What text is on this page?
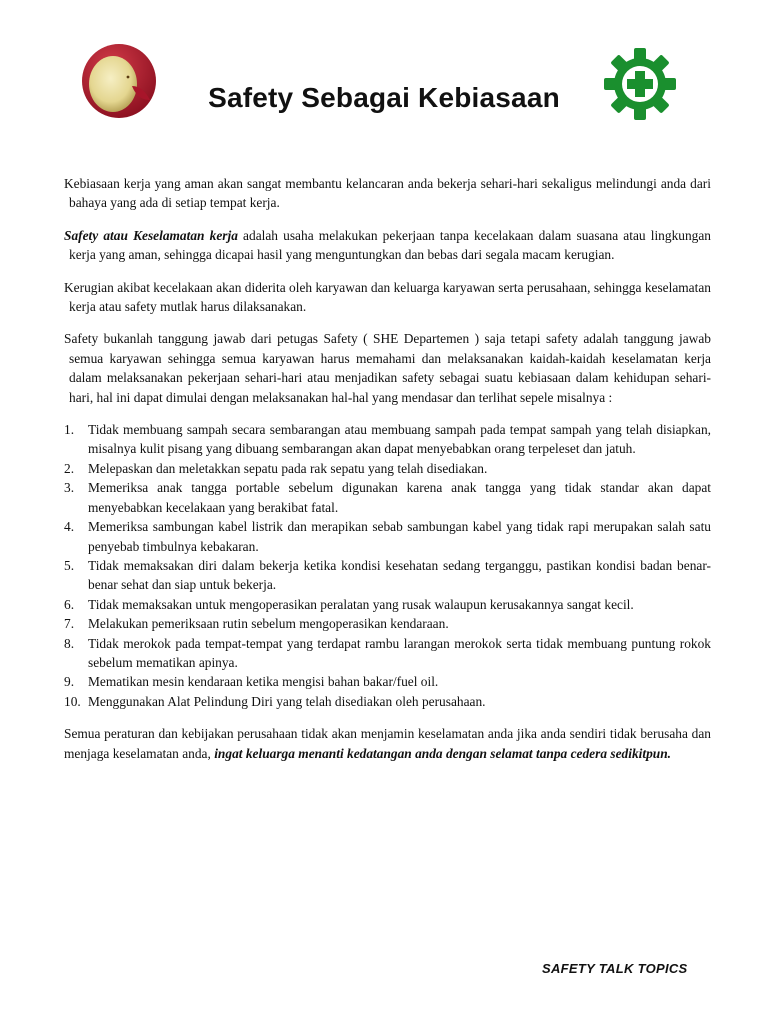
Safety Sebagai Kebiasaan

Kebiasaan kerja yang aman akan sangat membantu kelancaran anda bekerja sehari-hari sekaligus melindungi anda dari bahaya yang ada di setiap tempat kerja.

Safety atau Keselamatan kerja adalah usaha melakukan pekerjaan tanpa kecelakaan dalam suasana atau lingkungan kerja yang aman, sehingga dicapai hasil yang menguntungkan dan bebas dari segala macam kerugian.

Kerugian akibat kecelakaan akan diderita oleh karyawan dan keluarga karyawan serta perusahaan, sehingga keselamatan kerja atau safety mutlak harus dilaksanakan.

Safety bukanlah tanggung jawab dari petugas Safety ( SHE Departemen ) saja tetapi safety adalah tanggung jawab semua karyawan sehingga semua karyawan harus memahami dan melaksanakan kaidah-kaidah keselamatan kerja dalam melaksanakan pekerjaan sehari-hari atau menjadikan safety sebagai suatu kebiasaan dalam kehidupan sehari-hari, hal ini dapat dimulai dengan melaksanakan hal-hal yang mendasar dan terlihat sepele misalnya :

1. Tidak membuang sampah secara sembarangan atau membuang sampah pada tempat sampah yang telah disiapkan, misalnya kulit pisang yang dibuang sembarangan akan dapat menyebabkan orang terpeleset dan jatuh.
2. Melepaskan dan meletakkan sepatu pada rak sepatu yang telah disediakan.
3. Memeriksa anak tangga portable sebelum digunakan karena anak tangga yang tidak standar akan dapat menyebabkan kecelakaan yang berakibat fatal.
4. Memeriksa sambungan kabel listrik dan merapikan sebab sambungan kabel yang tidak rapi merupakan salah satu penyebab timbulnya kebakaran.
5. Tidak memaksakan diri dalam bekerja ketika kondisi kesehatan sedang terganggu, pastikan kondisi badan benar-benar sehat dan siap untuk bekerja.
6. Tidak memaksakan untuk mengoperasikan peralatan yang rusak walaupun kerusakannya sangat kecil.
7. Melakukan pemeriksaan rutin sebelum mengoperasikan kendaraan.
8. Tidak merokok pada tempat-tempat yang terdapat rambu larangan merokok serta tidak membuang puntung rokok sebelum mematikan apinya.
9. Mematikan mesin kendaraan ketika mengisi bahan bakar/fuel oil.
10. Menggunakan Alat Pelindung Diri yang telah disediakan oleh perusahaan.

Semua peraturan dan kebijakan perusahaan tidak akan menjamin keselamatan anda jika anda sendiri tidak berusaha dan menjaga keselamatan anda, ingat keluarga menanti kedatangan anda dengan selamat tanpa cedera sedikitpun.

SAFETY TALK TOPICS
